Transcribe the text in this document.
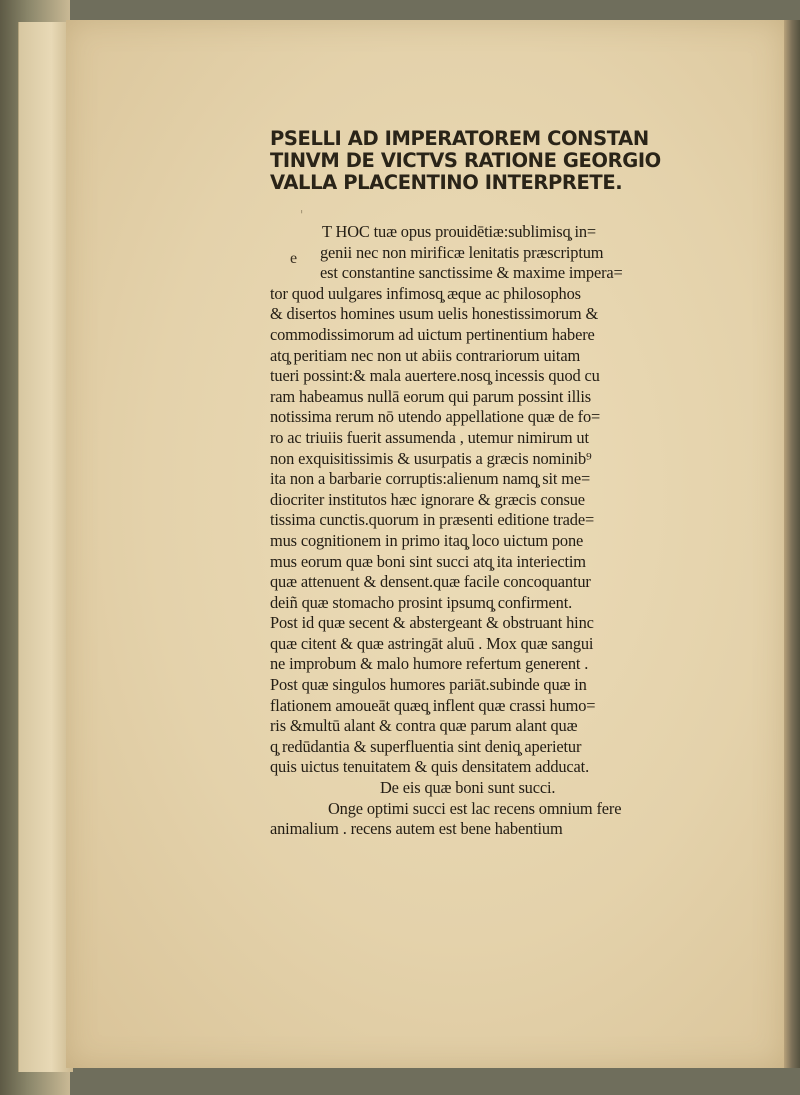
PSELLI AD IMPERATOREM CONSTAN
TINVM DE VICTVS RATIONE GEORGIO
VALLA PLACENTINO INTERPRETE.
'
e
T HOC tuæ opus prouidētiæ:sublimisq̧ in=
genii nec non mirificæ lenitatis præscriptum
est constantine sanctissime & maxime impera=
tor quod uulgares infimosq̧ æque ac philosophos
& disertos homines usum uelis honestissimorum &
commodissimorum ad uictum pertinentium habere
atq̧ peritiam nec non ut abiis contrariorum uitam
tueri possint:& mala auertere.nosq̧ incessis quod cu
ram habeamus nullā eorum qui parum possint illis
notissima rerum nō utendo appellatione quæ de fo=
ro ac triuiis fuerit assumenda , utemur nimirum ut
non exquisitissimis & usurpatis a græcis nominib⁹
ita non a barbarie corruptis:alienum namq̧ sit me=
diocriter institutos hæc ignorare & græcis consue
tissima cunctis.quorum in præsenti editione trade=
mus cognitionem in primo itaq̧ loco uictum pone
mus eorum quæ boni sint succi atq̧ ita interiectim
quæ attenuent & densent.quæ facile concoquantur
deiñ quæ stomacho prosint ipsumq̧ confirment.
Post id quæ secent & abstergeant & obstruant hinc
quæ citent & quæ astringāt aluū . Mox quæ sangui
ne improbum & malo humore refertum generent .
Post quæ singulos humores pariāt.subinde quæ in
flationem amoueāt quæq̧ inflent quæ crassi humo=
ris &multū alant & contra quæ parum alant quæ
q̧ redūdantia & superfluentia sint deniq̧ aperietur
quis uictus tenuitatem & quis densitatem adducat.
De eis quæ boni sunt succi.
Onge optimi succi est lac recens omnium fere
animalium . recens autem est bene habentium
